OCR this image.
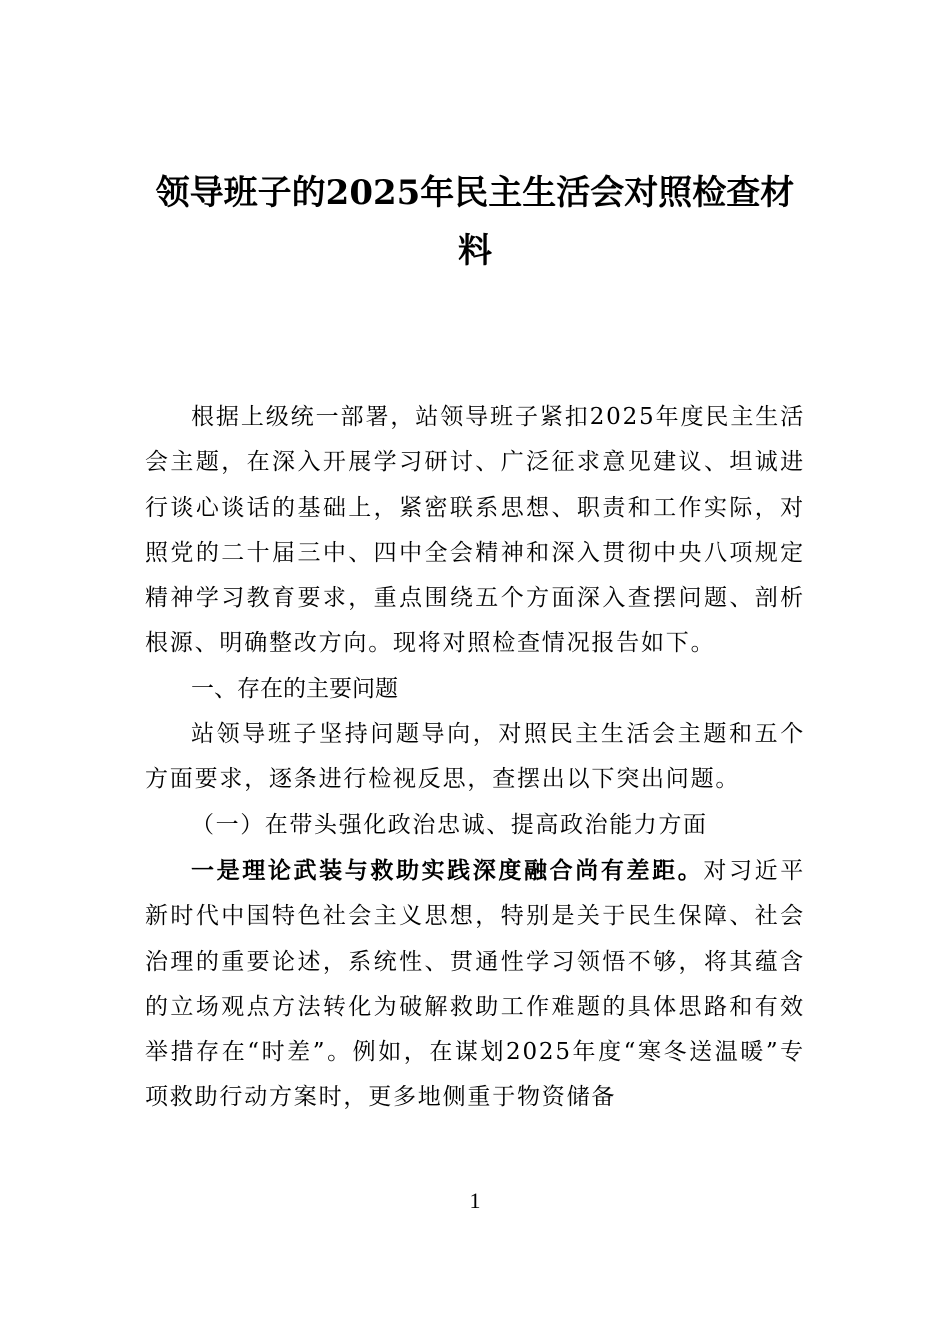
领导班子的2025年民主生活会对照检查材料

根据上级统一部署，站领导班子紧扣2025年度民主生活会主题，在深入开展学习研讨、广泛征求意见建议、坦诚进行谈心谈话的基础上，紧密联系思想、职责和工作实际，对照党的二十届三中、四中全会精神和深入贯彻中央八项规定精神学习教育要求，重点围绕五个方面深入查摆问题、剖析根源、明确整改方向。现将对照检查情况报告如下。

一、存在的主要问题

站领导班子坚持问题导向，对照民主生活会主题和五个方面要求，逐条进行检视反思，查摆出以下突出问题。

（一）在带头强化政治忠诚、提高政治能力方面

一是理论武装与救助实践深度融合尚有差距。对习近平新时代中国特色社会主义思想，特别是关于民生保障、社会治理的重要论述，系统性、贯通性学习领悟不够，将其蕴含的立场观点方法转化为破解救助工作难题的具体思路和有效举措存在“时差”。例如，在谋划2025年度“寒冬送温暖”专项救助行动方案时，更多地侧重于物资储备

1
